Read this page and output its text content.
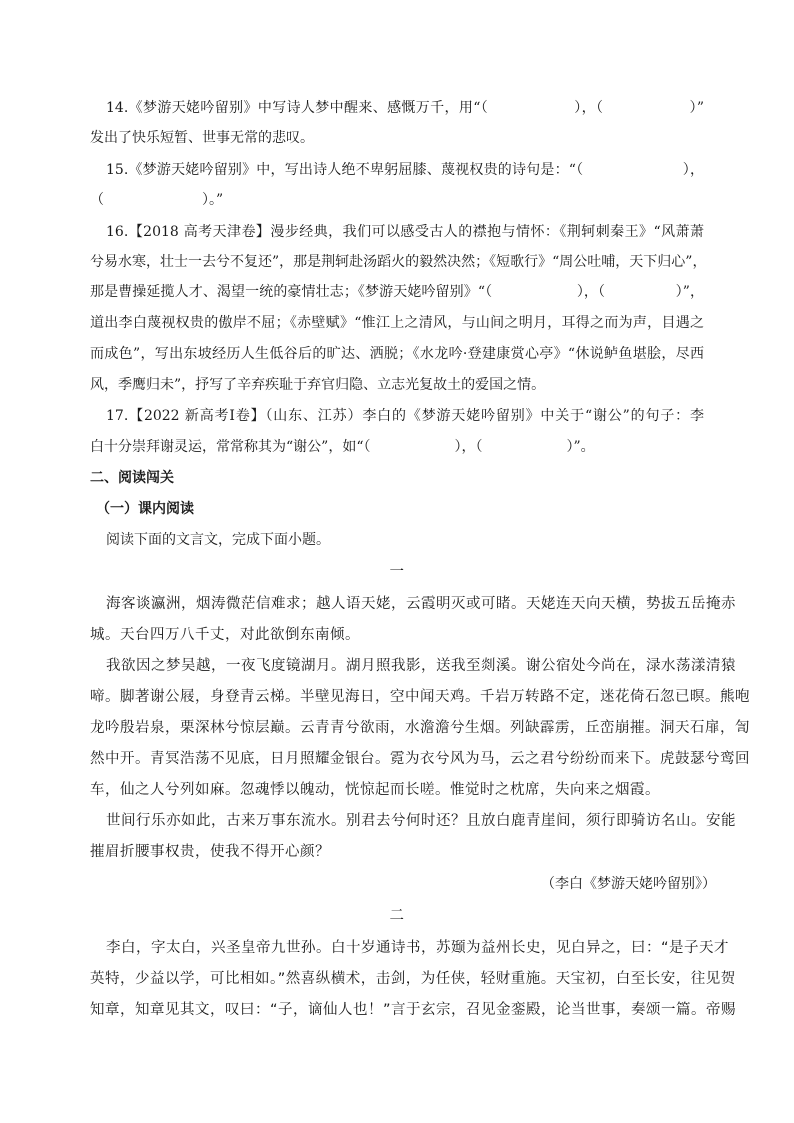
14.《梦游天姥吟留别》中写诗人梦中醒来、感慨万千，用“（　　　　　　），（　　　　　　）”
发出了快乐短暂、世事无常的悲叹。
15.《梦游天姥吟留别》中，写出诗人绝不卑躬屈膝、蔑视权贵的诗句是：“（　　　　　　　），
（　　　　　　　）。”
16.【2018 高考天津卷】漫步经典，我们可以感受古人的襟抱与情怀：《荆轲刺秦王》“风萧萧
兮易水寒，壮士一去兮不复还”，那是荆轲赴汤蹈火的毅然决然；《短歌行》“周公吐哺，天下归心”，
那是曹操延揽人才、渴望一统的豪情壮志；《梦游天姥吟留别》“（　　　　　　），（　　　　　）”，
道出李白蔑视权贵的傲岸不屈；《赤壁赋》“惟江上之清风，与山间之明月，耳得之而为声，目遇之
而成色”，写出东坡经历人生低谷后的旷达、洒脱；《水龙吟·登建康赏心亭》“休说鲈鱼堪脍，尽西
风，季鹰归未”，抒写了辛弃疾耻于弃官归隐、立志光复故土的爱国之情。
17.【2022 新高考Ⅰ卷】（山东、江苏）李白的《梦游天姥吟留别》中关于“谢公”的句子：李
白十分崇拜谢灵运，常常称其为“谢公”，如“（　　　　　　），（　　　　　　）”。
二、阅读闯关
（一）课内阅读
阅读下面的文言文，完成下面小题。
一
海客谈瀛洲，烟涛微茫信难求；越人语天姥，云霞明灭或可睹。天姥连天向天横，势拔五岳掩赤
城。天台四万八千丈，对此欲倒东南倾。
我欲因之梦吴越，一夜飞度镜湖月。湖月照我影，送我至剡溪。谢公宿处今尚在，渌水荡漾清猿
啼。脚著谢公屐，身登青云梯。半壁见海日，空中闻天鸡。千岩万转路不定，迷花倚石忽已暝。熊咆
龙吟殷岩泉，栗深林兮惊层巅。云青青兮欲雨，水澹澹兮生烟。列缺霹雳，丘峦崩摧。洞天石扉，訇
然中开。青冥浩荡不见底，日月照耀金银台。霓为衣兮风为马，云之君兮纷纷而来下。虎鼓瑟兮鸾回
车，仙之人兮列如麻。忽魂悸以魄动，恍惊起而长嗟。惟觉时之枕席，失向来之烟霞。
世间行乐亦如此，古来万事东流水。别君去兮何时还？且放白鹿青崖间，须行即骑访名山。安能
摧眉折腰事权贵，使我不得开心颜？
（李白《梦游天姥吟留别》）
二
李白，字太白，兴圣皇帝九世孙。白十岁通诗书，苏颋为益州长史，见白异之，曰：“是子天才
英特，少益以学，可比相如。”然喜纵横术，击剑，为任侠，轻财重施。天宝初，白至长安，往见贺
知章，知章见其文，叹曰：“子，谪仙人也！”言于玄宗，召见金銮殿，论当世事，奏颂一篇。帝赐
